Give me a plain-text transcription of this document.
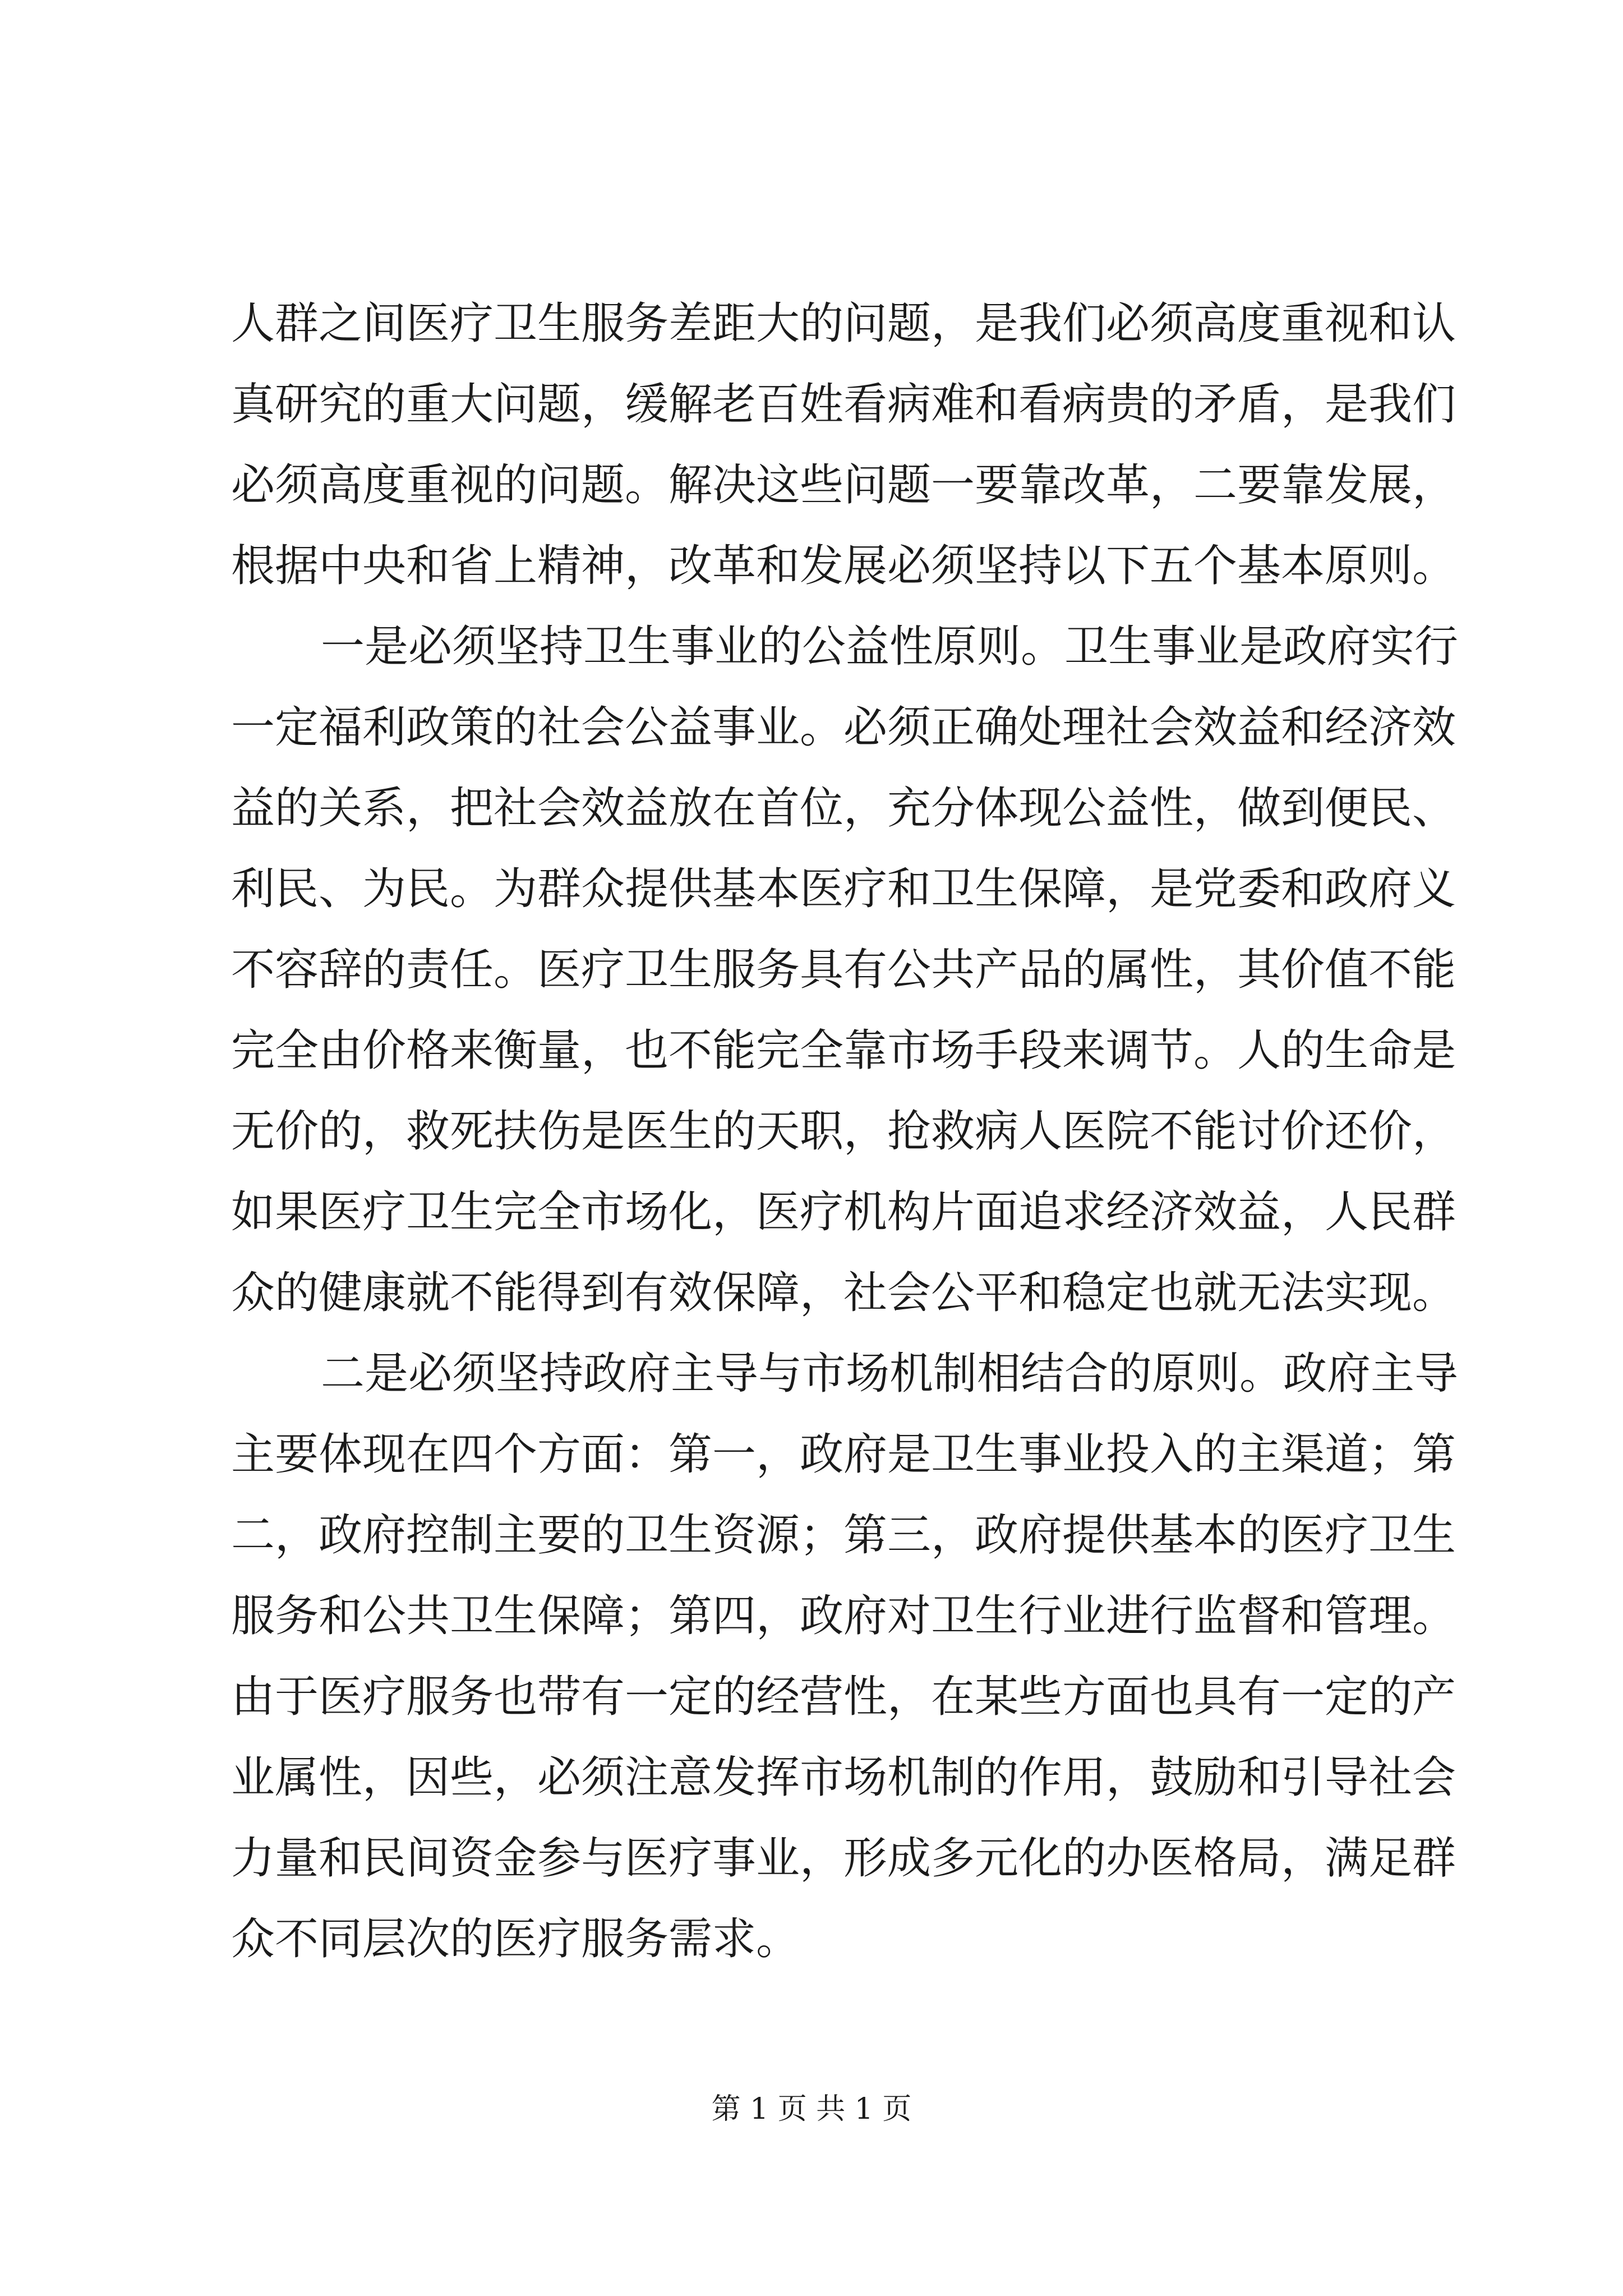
人群之间医疗卫生服务差距大的问题，是我们必须高度重视和认
真研究的重大问题，缓解老百姓看病难和看病贵的矛盾，是我们
必须高度重视的问题。解决这些问题一要靠改革，二要靠发展，
根据中央和省上精神，改革和发展必须坚持以下五个基本原则。
一是必须坚持卫生事业的公益性原则。卫生事业是政府实行
一定福利政策的社会公益事业。必须正确处理社会效益和经济效
益的关系，把社会效益放在首位，充分体现公益性，做到便民、
利民、为民。为群众提供基本医疗和卫生保障，是党委和政府义
不容辞的责任。医疗卫生服务具有公共产品的属性，其价值不能
完全由价格来衡量，也不能完全靠市场手段来调节。人的生命是
无价的，救死扶伤是医生的天职，抢救病人医院不能讨价还价，
如果医疗卫生完全市场化，医疗机构片面追求经济效益，人民群
众的健康就不能得到有效保障，社会公平和稳定也就无法实现。
二是必须坚持政府主导与市场机制相结合的原则。政府主导
主要体现在四个方面：第一，政府是卫生事业投入的主渠道；第
二，政府控制主要的卫生资源；第三，政府提供基本的医疗卫生
服务和公共卫生保障；第四，政府对卫生行业进行监督和管理。
由于医疗服务也带有一定的经营性，在某些方面也具有一定的产
业属性，因些，必须注意发挥市场机制的作用，鼓励和引导社会
力量和民间资金参与医疗事业，形成多元化的办医格局，满足群
众不同层次的医疗服务需求。
第 1 页 共 1 页
